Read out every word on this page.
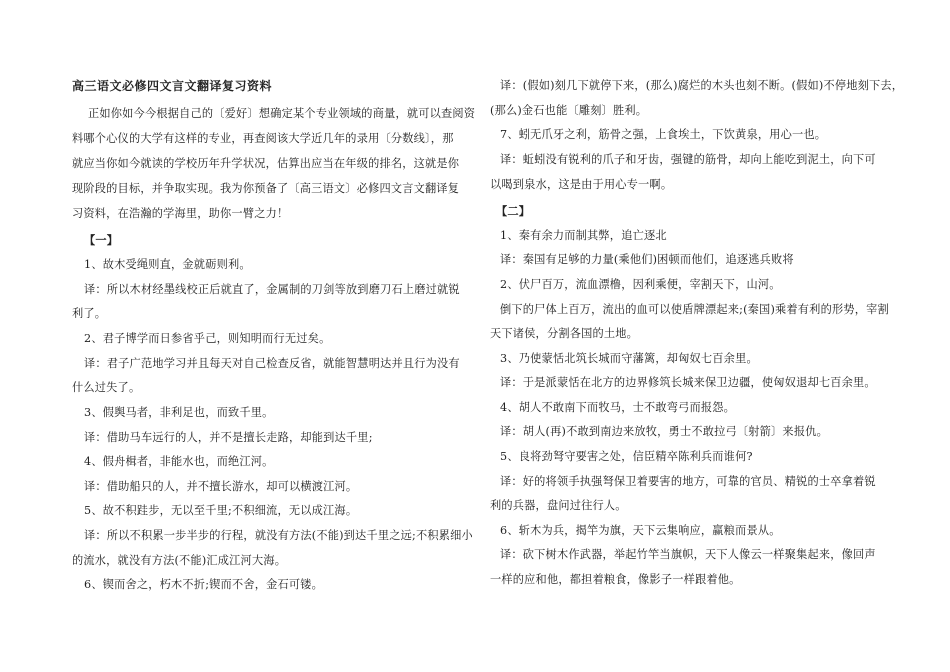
高三语文必修四文言文翻译复习资料
正如你如今今根据自己的〔爱好〕想确定某个专业领域的商量，就可以查阅资
料哪个心仪的大学有这样的专业，再查阅该大学近几年的录用〔分数线〕，那
就应当你如今就读的学校历年升学状况，估算出应当在年级的排名，这就是你
现阶段的目标，并争取实现。我为你预备了〔高三语文〕必修四文言文翻译复
习资料，在浩瀚的学海里，助你一臂之力！
【一】
1、故木受绳则直，金就砺则利。
译：所以木材经墨线校正后就直了，金属制的刀剑等放到磨刀石上磨过就锐
利了。
2、君子博学而日参省乎己，则知明而行无过矣。
译：君子广范地学习并且每天对自己检查反省，就能智慧明达并且行为没有
什么过失了。
3、假舆马者，非利足也，而致千里。
译：借助马车远行的人，并不是擅长走路，却能到达千里;
4、假舟楫者，非能水也，而绝江河。
译：借助船只的人，并不擅长游水，却可以横渡江河。
5、故不积跬步，无以至千里;不积细流，无以成江海。
译：所以不积累一步半步的行程，就没有方法(不能)到达千里之远;不积累细小
的流水，就没有方法(不能)汇成江河大海。
6、锲而舍之，朽木不折;锲而不舍，金石可镂。
译：(假如)刻几下就停下来，(那么)腐烂的木头也刻不断。(假如)不停地刻下去，
(那么)金石也能〔雕刻〕胜利。
7、蚓无爪牙之利，筋骨之强，上食埃土，下饮黄泉，用心一也。
译：蚯蚓没有锐利的爪子和牙齿，强键的筋骨，却向上能吃到泥土，向下可
以喝到泉水，这是由于用心专一啊。
【二】
1、秦有余力而制其弊，追亡逐北
译：秦国有足够的力量(乘他们)困顿而他们，追逐逃兵败将
2、伏尸百万，流血漂橹，因利乘便，宰割天下，山河。
倒下的尸体上百万，流出的血可以使盾牌漂起来;(秦国)乘着有利的形势，宰割
天下诸侯，分割各国的土地。
3、乃使蒙恬北筑长城而守藩篱，却匈奴七百余里。
译：于是派蒙恬在北方的边界修筑长城来保卫边疆，使匈奴退却七百余里。
4、胡人不敢南下而牧马，士不敢弯弓而报怨。
译：胡人(再)不敢到南边来放牧，勇士不敢拉弓〔射箭〕来报仇。
5、良将劲弩守要害之处，信臣精卒陈利兵而谁何?
译：好的将领手执强弩保卫着要害的地方，可靠的官员、精锐的士卒拿着锐
利的兵器，盘问过往行人。
6、斩木为兵，揭竿为旗，天下云集响应，赢粮而景从。
译：砍下树木作武器，举起竹竿当旗帜，天下人像云一样聚集起来，像回声
一样的应和他，都担着粮食，像影子一样跟着他。
